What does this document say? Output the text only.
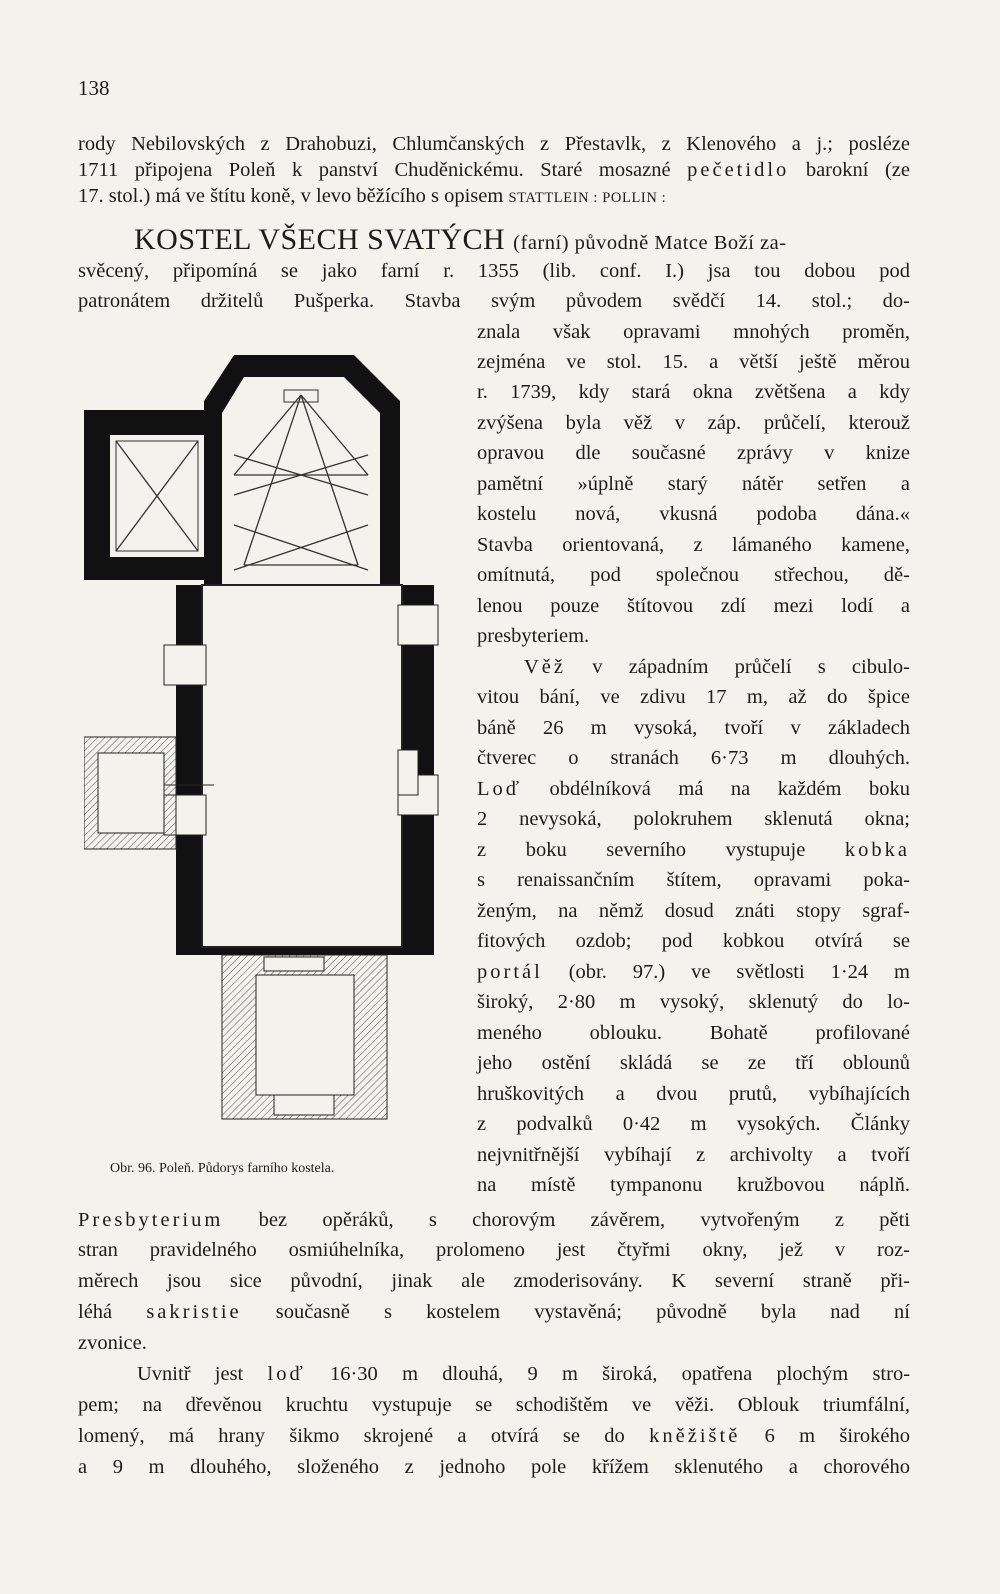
138
rody Nebilovských z Drahobuzi, Chlumčanských z Přestavlk, z Klenového a j.; posléze
1711 připojena Poleň k panství Chuděnickému. Staré mosazné pečetidlo barokní (ze
17. stol.) má ve štítu koně, v levo běžícího s opisem STATTLEIN : POLLIN :
KOSTEL VŠECH SVATÝCH (farní) původně Matce Boží za-
svěcený, připomíná se jako farní r. 1355 (lib. conf. I.) jsa tou dobou pod
patronátem držitelů Pušperka. Stavba svým původem svědčí 14. stol.; do-
znala však opravami mnohých proměn,
zejména ve stol. 15. a větší ještě měrou
r. 1739, kdy stará okna zvětšena a kdy
zvýšena byla věž v záp. průčelí, kterouž
opravou dle současné zprávy v knize
pamětní »úplně starý nátěr setřen a
kostelu nová, vkusná podoba dána.«
Stavba orientovaná, z lámaného kamene,
omítnutá, pod společnou střechou, dě-
lenou pouze štítovou zdí mezi lodí a
presbyteriem.
Věž v západním průčelí s cibulo-
vitou bání, ve zdivu 17 m, až do špice
báně 26 m vysoká, tvoří v základech
čtverec o stranách 6·73 m dlouhých.
Loď obdélníková má na každém boku
2 nevysoká, polokruhem sklenutá okna;
z boku severního vystupuje kobka
s renaissančním štítem, opravami poka-
ženým, na němž dosud znáti stopy sgraf-
fitových ozdob; pod kobkou otvírá se
portál (obr. 97.) ve světlosti 1·24 m
široký, 2·80 m vysoký, sklenutý do lo-
meného oblouku. Bohatě profilované
jeho ostění skládá se ze tří oblounů
hruškovitých a dvou prutů, vybíhajících
z podvalků 0·42 m vysokých. Články
nejvnitřnější vybíhají z archivolty a tvoří
na místě tympanonu kružbovou náplň.
Obr. 96. Poleň. Půdorys farního kostela.
Presbyterium bez opěráků, s chorovým závěrem, vytvořeným z pěti
stran pravidelného osmiúhelníka, prolomeno jest čtyřmi okny, jež v roz-
měrech jsou sice původní, jinak ale zmoderisovány. K severní straně při-
léhá sakristie současně s kostelem vystavěná; původně byla nad ní
zvonice.
Uvnitř jest loď 16·30 m dlouhá, 9 m široká, opatřena plochým stro-
pem; na dřevěnou kruchtu vystupuje se schodištěm ve věži. Oblouk triumfální,
lomený, má hrany šikmo skrojené a otvírá se do kněžiště 6 m širokého
a 9 m dlouhého, složeného z jednoho pole křížem sklenutého a chorového
